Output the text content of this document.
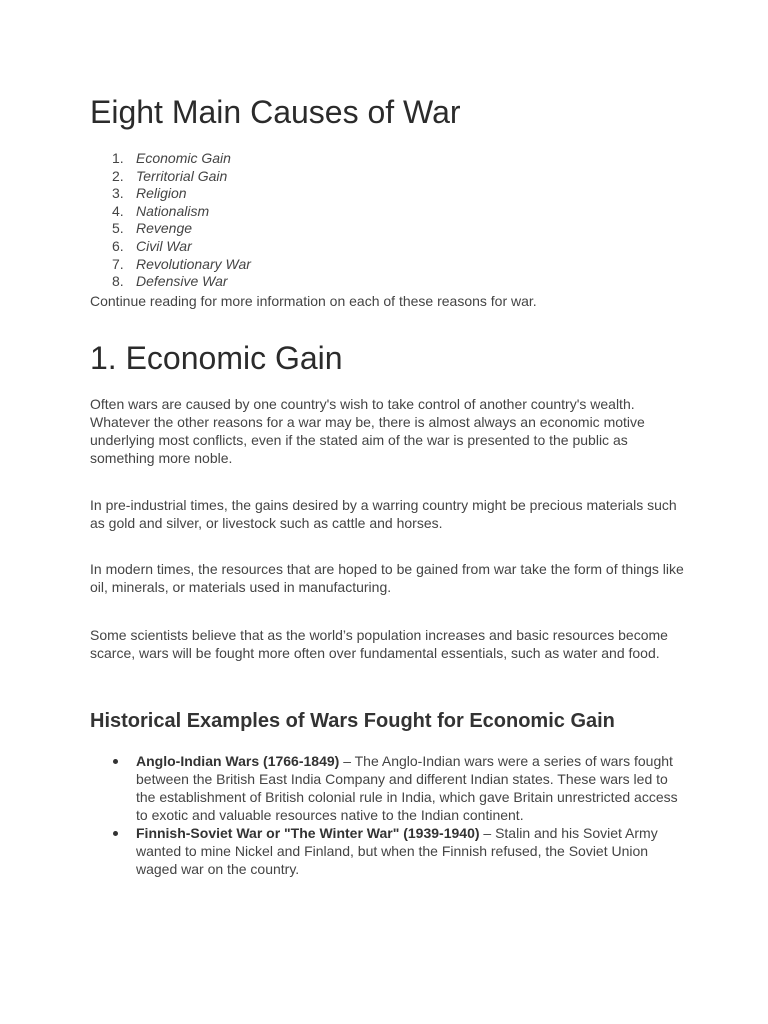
Eight Main Causes of War
1. Economic Gain
2. Territorial Gain
3. Religion
4. Nationalism
5. Revenge
6. Civil War
7. Revolutionary War
8. Defensive War

Continue reading for more information on each of these reasons for war.

1. Economic Gain

Often wars are caused by one country's wish to take control of another country's wealth. Whatever the other reasons for a war may be, there is almost always an economic motive underlying most conflicts, even if the stated aim of the war is presented to the public as something more noble.

In pre-industrial times, the gains desired by a warring country might be precious materials such as gold and silver, or livestock such as cattle and horses.

In modern times, the resources that are hoped to be gained from war take the form of things like oil, minerals, or materials used in manufacturing.

Some scientists believe that as the world’s population increases and basic resources become scarce, wars will be fought more often over fundamental essentials, such as water and food.

Historical Examples of Wars Fought for Economic Gain
Anglo-Indian Wars (1766-1849) – The Anglo-Indian wars were a series of wars fought between the British East India Company and different Indian states. These wars led to the establishment of British colonial rule in India, which gave Britain unrestricted access to exotic and valuable resources native to the Indian continent.
Finnish-Soviet War or "The Winter War" (1939-1940) – Stalin and his Soviet Army wanted to mine Nickel and Finland, but when the Finnish refused, the Soviet Union waged war on the country.
